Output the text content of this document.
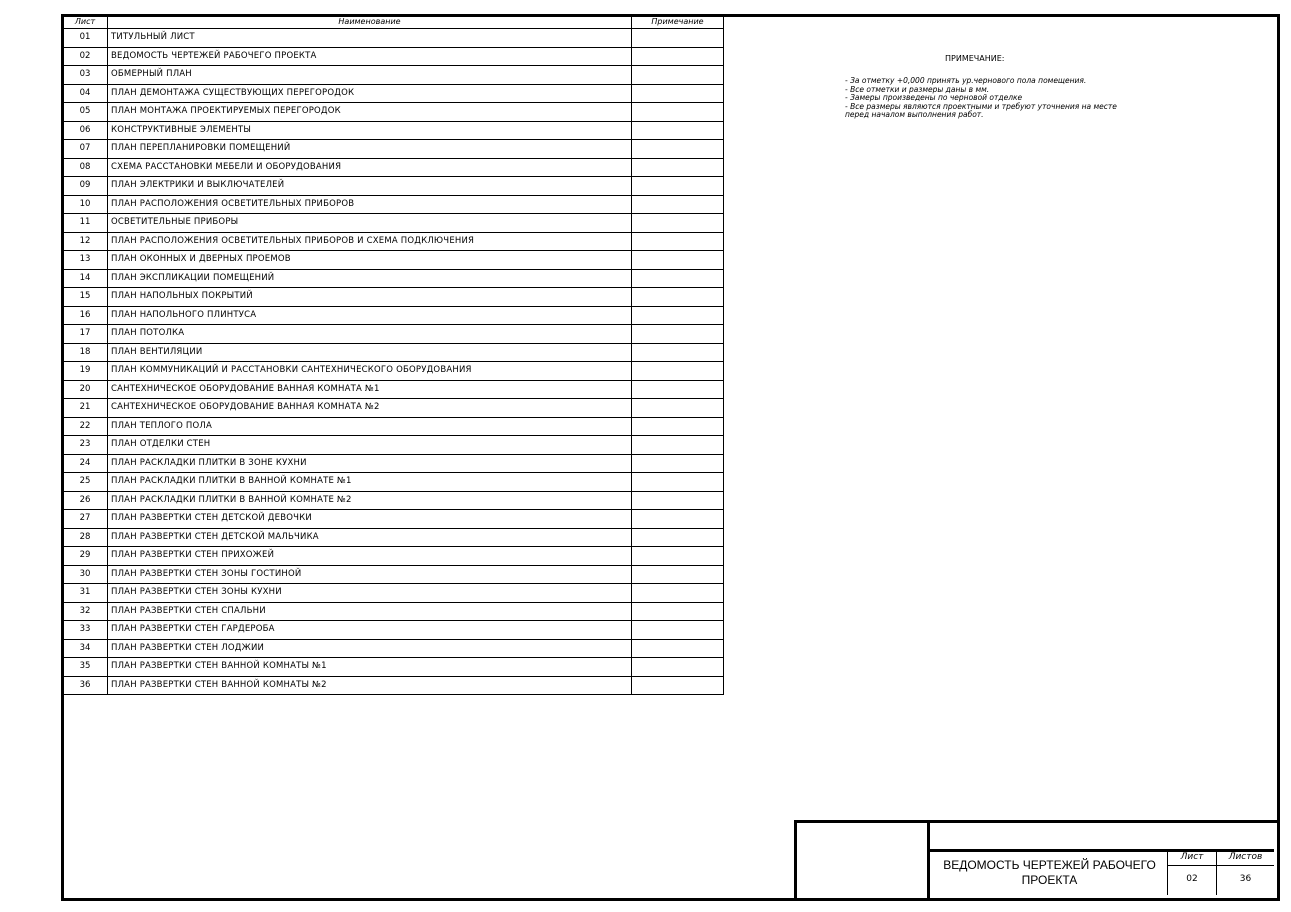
Лист	Наименование	Примечание
01	ТИТУЛЬНЫЙ ЛИСТ	
02	ВЕДОМОСТЬ ЧЕРТЕЖЕЙ РАБОЧЕГО ПРОЕКТА	
03	ОБМЕРНЫЙ ПЛАН	
04	ПЛАН ДЕМОНТАЖА СУЩЕСТВУЮЩИХ ПЕРЕГОРОДОК	
05	ПЛАН МОНТАЖА ПРОЕКТИРУЕМЫХ ПЕРЕГОРОДОК	
06	КОНСТРУКТИВНЫЕ ЭЛЕМЕНТЫ	
07	ПЛАН ПЕРЕПЛАНИРОВКИ ПОМЕЩЕНИЙ	
08	СХЕМА РАССТАНОВКИ МЕБЕЛИ И ОБОРУДОВАНИЯ	
09	ПЛАН ЭЛЕКТРИКИ И ВЫКЛЮЧАТЕЛЕЙ	
10	ПЛАН РАСПОЛОЖЕНИЯ ОСВЕТИТЕЛЬНЫХ ПРИБОРОВ	
11	ОСВЕТИТЕЛЬНЫЕ ПРИБОРЫ	
12	ПЛАН РАСПОЛОЖЕНИЯ ОСВЕТИТЕЛЬНЫХ ПРИБОРОВ И СХЕМА ПОДКЛЮЧЕНИЯ	
13	ПЛАН ОКОННЫХ И ДВЕРНЫХ ПРОЕМОВ	
14	ПЛАН ЭКСПЛИКАЦИИ ПОМЕЩЕНИЙ	
15	ПЛАН НАПОЛЬНЫХ ПОКРЫТИЙ	
16	ПЛАН НАПОЛЬНОГО ПЛИНТУСА	
17	ПЛАН ПОТОЛКА	
18	ПЛАН ВЕНТИЛЯЦИИ	
19	ПЛАН КОММУНИКАЦИЙ И РАССТАНОВКИ САНТЕХНИЧЕСКОГО ОБОРУДОВАНИЯ	
20	САНТЕХНИЧЕСКОЕ ОБОРУДОВАНИЕ ВАННАЯ КОМНАТА №1	
21	САНТЕХНИЧЕСКОЕ ОБОРУДОВАНИЕ ВАННАЯ КОМНАТА №2	
22	ПЛАН ТЕПЛОГО ПОЛА	
23	ПЛАН ОТДЕЛКИ СТЕН	
24	ПЛАН РАСКЛАДКИ ПЛИТКИ В ЗОНЕ КУХНИ	
25	ПЛАН РАСКЛАДКИ ПЛИТКИ В ВАННОЙ КОМНАТЕ №1	
26	ПЛАН РАСКЛАДКИ ПЛИТКИ В ВАННОЙ КОМНАТЕ №2	
27	ПЛАН РАЗВЕРТКИ СТЕН ДЕТСКОЙ ДЕВОЧКИ	
28	ПЛАН РАЗВЕРТКИ СТЕН ДЕТСКОЙ МАЛЬЧИКА	
29	ПЛАН РАЗВЕРТКИ СТЕН ПРИХОЖЕЙ	
30	ПЛАН РАЗВЕРТКИ СТЕН ЗОНЫ ГОСТИНОЙ	
31	ПЛАН РАЗВЕРТКИ СТЕН ЗОНЫ КУХНИ	
32	ПЛАН РАЗВЕРТКИ СТЕН СПАЛЬНИ	
33	ПЛАН РАЗВЕРТКИ СТЕН ГАРДЕРОБА	
34	ПЛАН РАЗВЕРТКИ СТЕН ЛОДЖИИ	
35	ПЛАН РАЗВЕРТКИ СТЕН ВАННОЙ КОМНАТЫ №1	
36	ПЛАН РАЗВЕРТКИ СТЕН ВАННОЙ КОМНАТЫ №2	
ПРИМЕЧАНИЕ:
- За отметку +0,000 принять ур.чернового пола помещения.
- Все отметки и размеры даны в мм.
- Замеры произведены по черновой отделке
- Все размеры являются проектными и требуют уточнения на месте
перед началом выполнения работ.
ВЕДОМОСТЬ ЧЕРТЕЖЕЙ РАБОЧЕГО ПРОЕКТА
Лист	Листов
02	36
